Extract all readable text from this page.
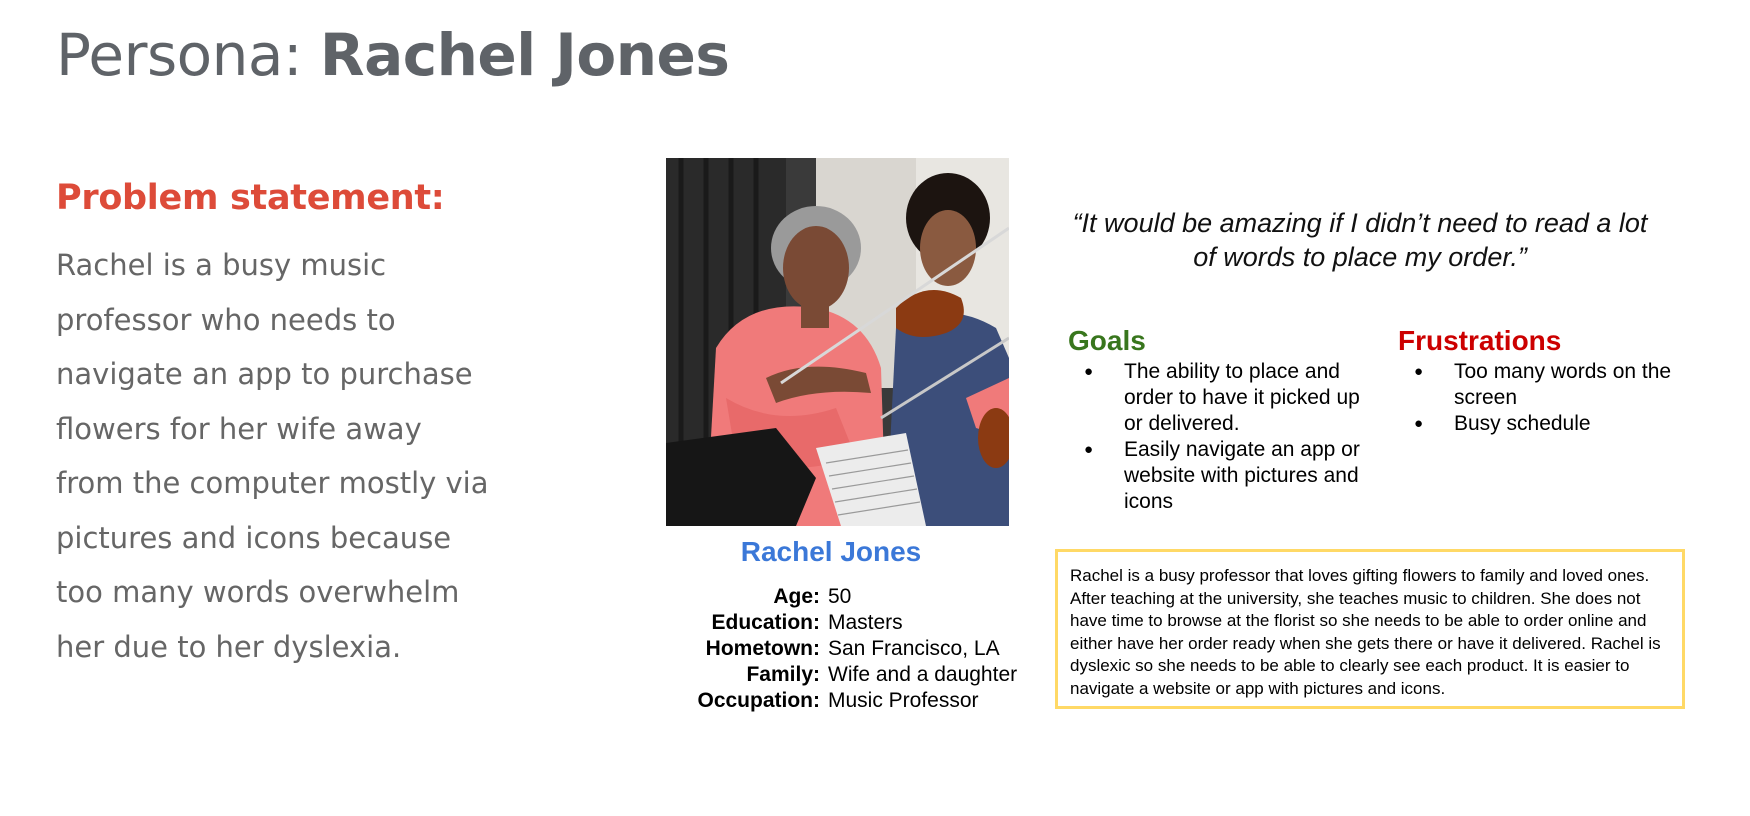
Persona: Rachel Jones
Problem statement:
Rachel is a busy music professor who needs to navigate an app to purchase flowers for her wife away from the computer mostly via pictures and icons because too many words overwhelm her due to her dyslexia.
Rachel Jones
Age: 50
Education: Masters
Hometown: San Francisco, LA
Family: Wife and a daughter
Occupation: Music Professor
“It would be amazing if I didn’t need to read a lot of words to place my order.”
Goals
● The ability to place and order to have it picked up or delivered.
● Easily navigate an app or website with pictures and icons
Frustrations
● Too many words on the screen
● Busy schedule
Rachel is a busy professor that loves gifting flowers to family and loved ones. After teaching at the university, she teaches music to children. She does not have time to browse at the florist so she needs to be able to order online and either have her order ready when she gets there or have it delivered. Rachel is dyslexic so she needs to be able to clearly see each product. It is easier to navigate a website or app with pictures and icons.
